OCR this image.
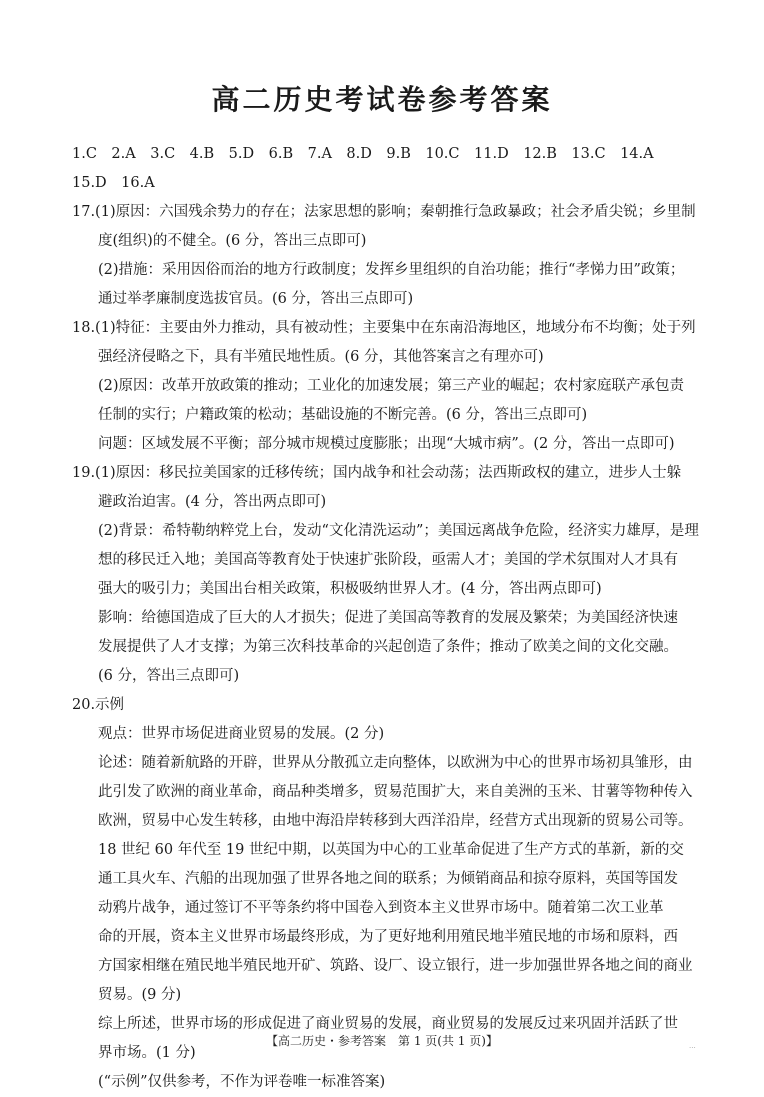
高二历史考试卷参考答案
1.C　2.A　3.C　4.B　5.D　6.B　7.A　8.D　9.B　10.C　11.D　12.B　13.C　14.A
15.D　16.A
17.(1)原因：六国残余势力的存在；法家思想的影响；秦朝推行急政暴政；社会矛盾尖锐；乡里制
度(组织)的不健全。(6 分，答出三点即可)
(2)措施：采用因俗而治的地方行政制度；发挥乡里组织的自治功能；推行“孝悌力田”政策；
通过举孝廉制度选拔官员。(6 分，答出三点即可)
18.(1)特征：主要由外力推动，具有被动性；主要集中在东南沿海地区，地域分布不均衡；处于列
强经济侵略之下，具有半殖民地性质。(6 分，其他答案言之有理亦可)
(2)原因：改革开放政策的推动；工业化的加速发展；第三产业的崛起；农村家庭联产承包责
任制的实行；户籍政策的松动；基础设施的不断完善。(6 分，答出三点即可)
问题：区域发展不平衡；部分城市规模过度膨胀；出现“大城市病”。(2 分，答出一点即可)
19.(1)原因：移民拉美国家的迁移传统；国内战争和社会动荡；法西斯政权的建立，进步人士躲
避政治迫害。(4 分，答出两点即可)
(2)背景：希特勒纳粹党上台，发动“文化清洗运动”；美国远离战争危险，经济实力雄厚，是理
想的移民迁入地；美国高等教育处于快速扩张阶段，亟需人才；美国的学术氛围对人才具有
强大的吸引力；美国出台相关政策，积极吸纳世界人才。(4 分，答出两点即可)
影响：给德国造成了巨大的人才损失；促进了美国高等教育的发展及繁荣；为美国经济快速
发展提供了人才支撑；为第三次科技革命的兴起创造了条件；推动了欧美之间的文化交融。
(6 分，答出三点即可)
20.示例
观点：世界市场促进商业贸易的发展。(2 分)
论述：随着新航路的开辟，世界从分散孤立走向整体，以欧洲为中心的世界市场初具雏形，由
此引发了欧洲的商业革命，商品种类增多，贸易范围扩大，来自美洲的玉米、甘薯等物种传入
欧洲，贸易中心发生转移，由地中海沿岸转移到大西洋沿岸，经营方式出现新的贸易公司等。
18 世纪 60 年代至 19 世纪中期，以英国为中心的工业革命促进了生产方式的革新，新的交
通工具火车、汽船的出现加强了世界各地之间的联系；为倾销商品和掠夺原料，英国等国发
动鸦片战争，通过签订不平等条约将中国卷入到资本主义世界市场中。随着第二次工业革
命的开展，资本主义世界市场最终形成，为了更好地利用殖民地半殖民地的市场和原料，西
方国家相继在殖民地半殖民地开矿、筑路、设厂、设立银行，进一步加强世界各地之间的商业
贸易。(9 分)
综上所述，世界市场的形成促进了商业贸易的发展，商业贸易的发展反过来巩固并活跃了世
界市场。(1 分)
(“示例”仅供参考，不作为评卷唯一标准答案)
【高二历史・参考答案　第 1 页(共 1 页)】	...
